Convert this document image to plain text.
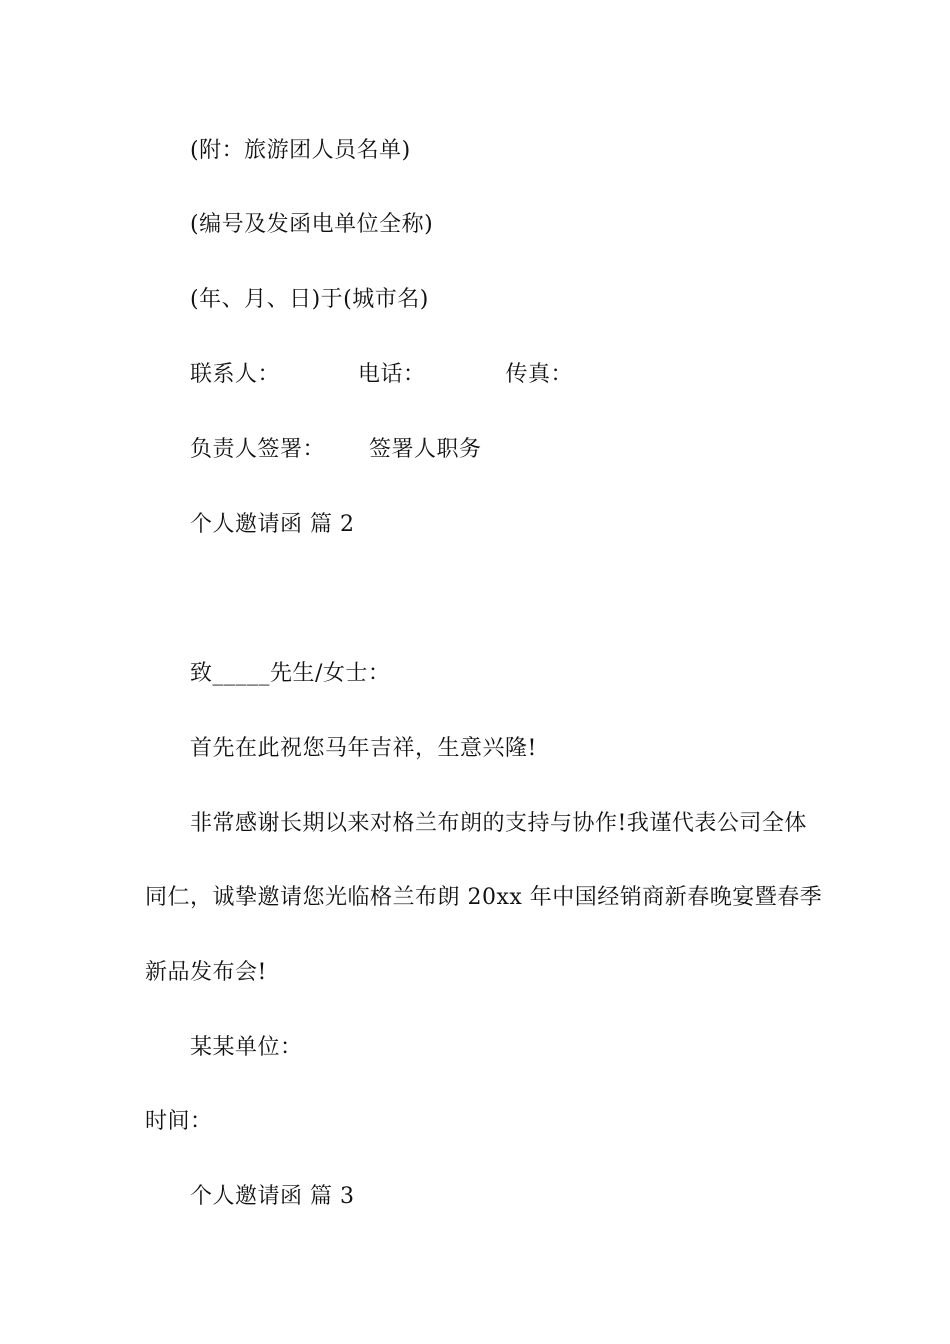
(附：旅游团人员名单)
(编号及发函电单位全称)
(年、月、日)于(城市名)
联系人：	电话：	传真：
负责人签署： 签署人职务
个人邀请函 篇 2
致_____先生/女士：
首先在此祝您马年吉祥，生意兴隆!
非常感谢长期以来对格兰布朗的支持与协作!我谨代表公司全体
同仁，诚挚邀请您光临格兰布朗 20xx 年中国经销商新春晚宴暨春季
新品发布会!
某某单位：
时间：
个人邀请函 篇 3
